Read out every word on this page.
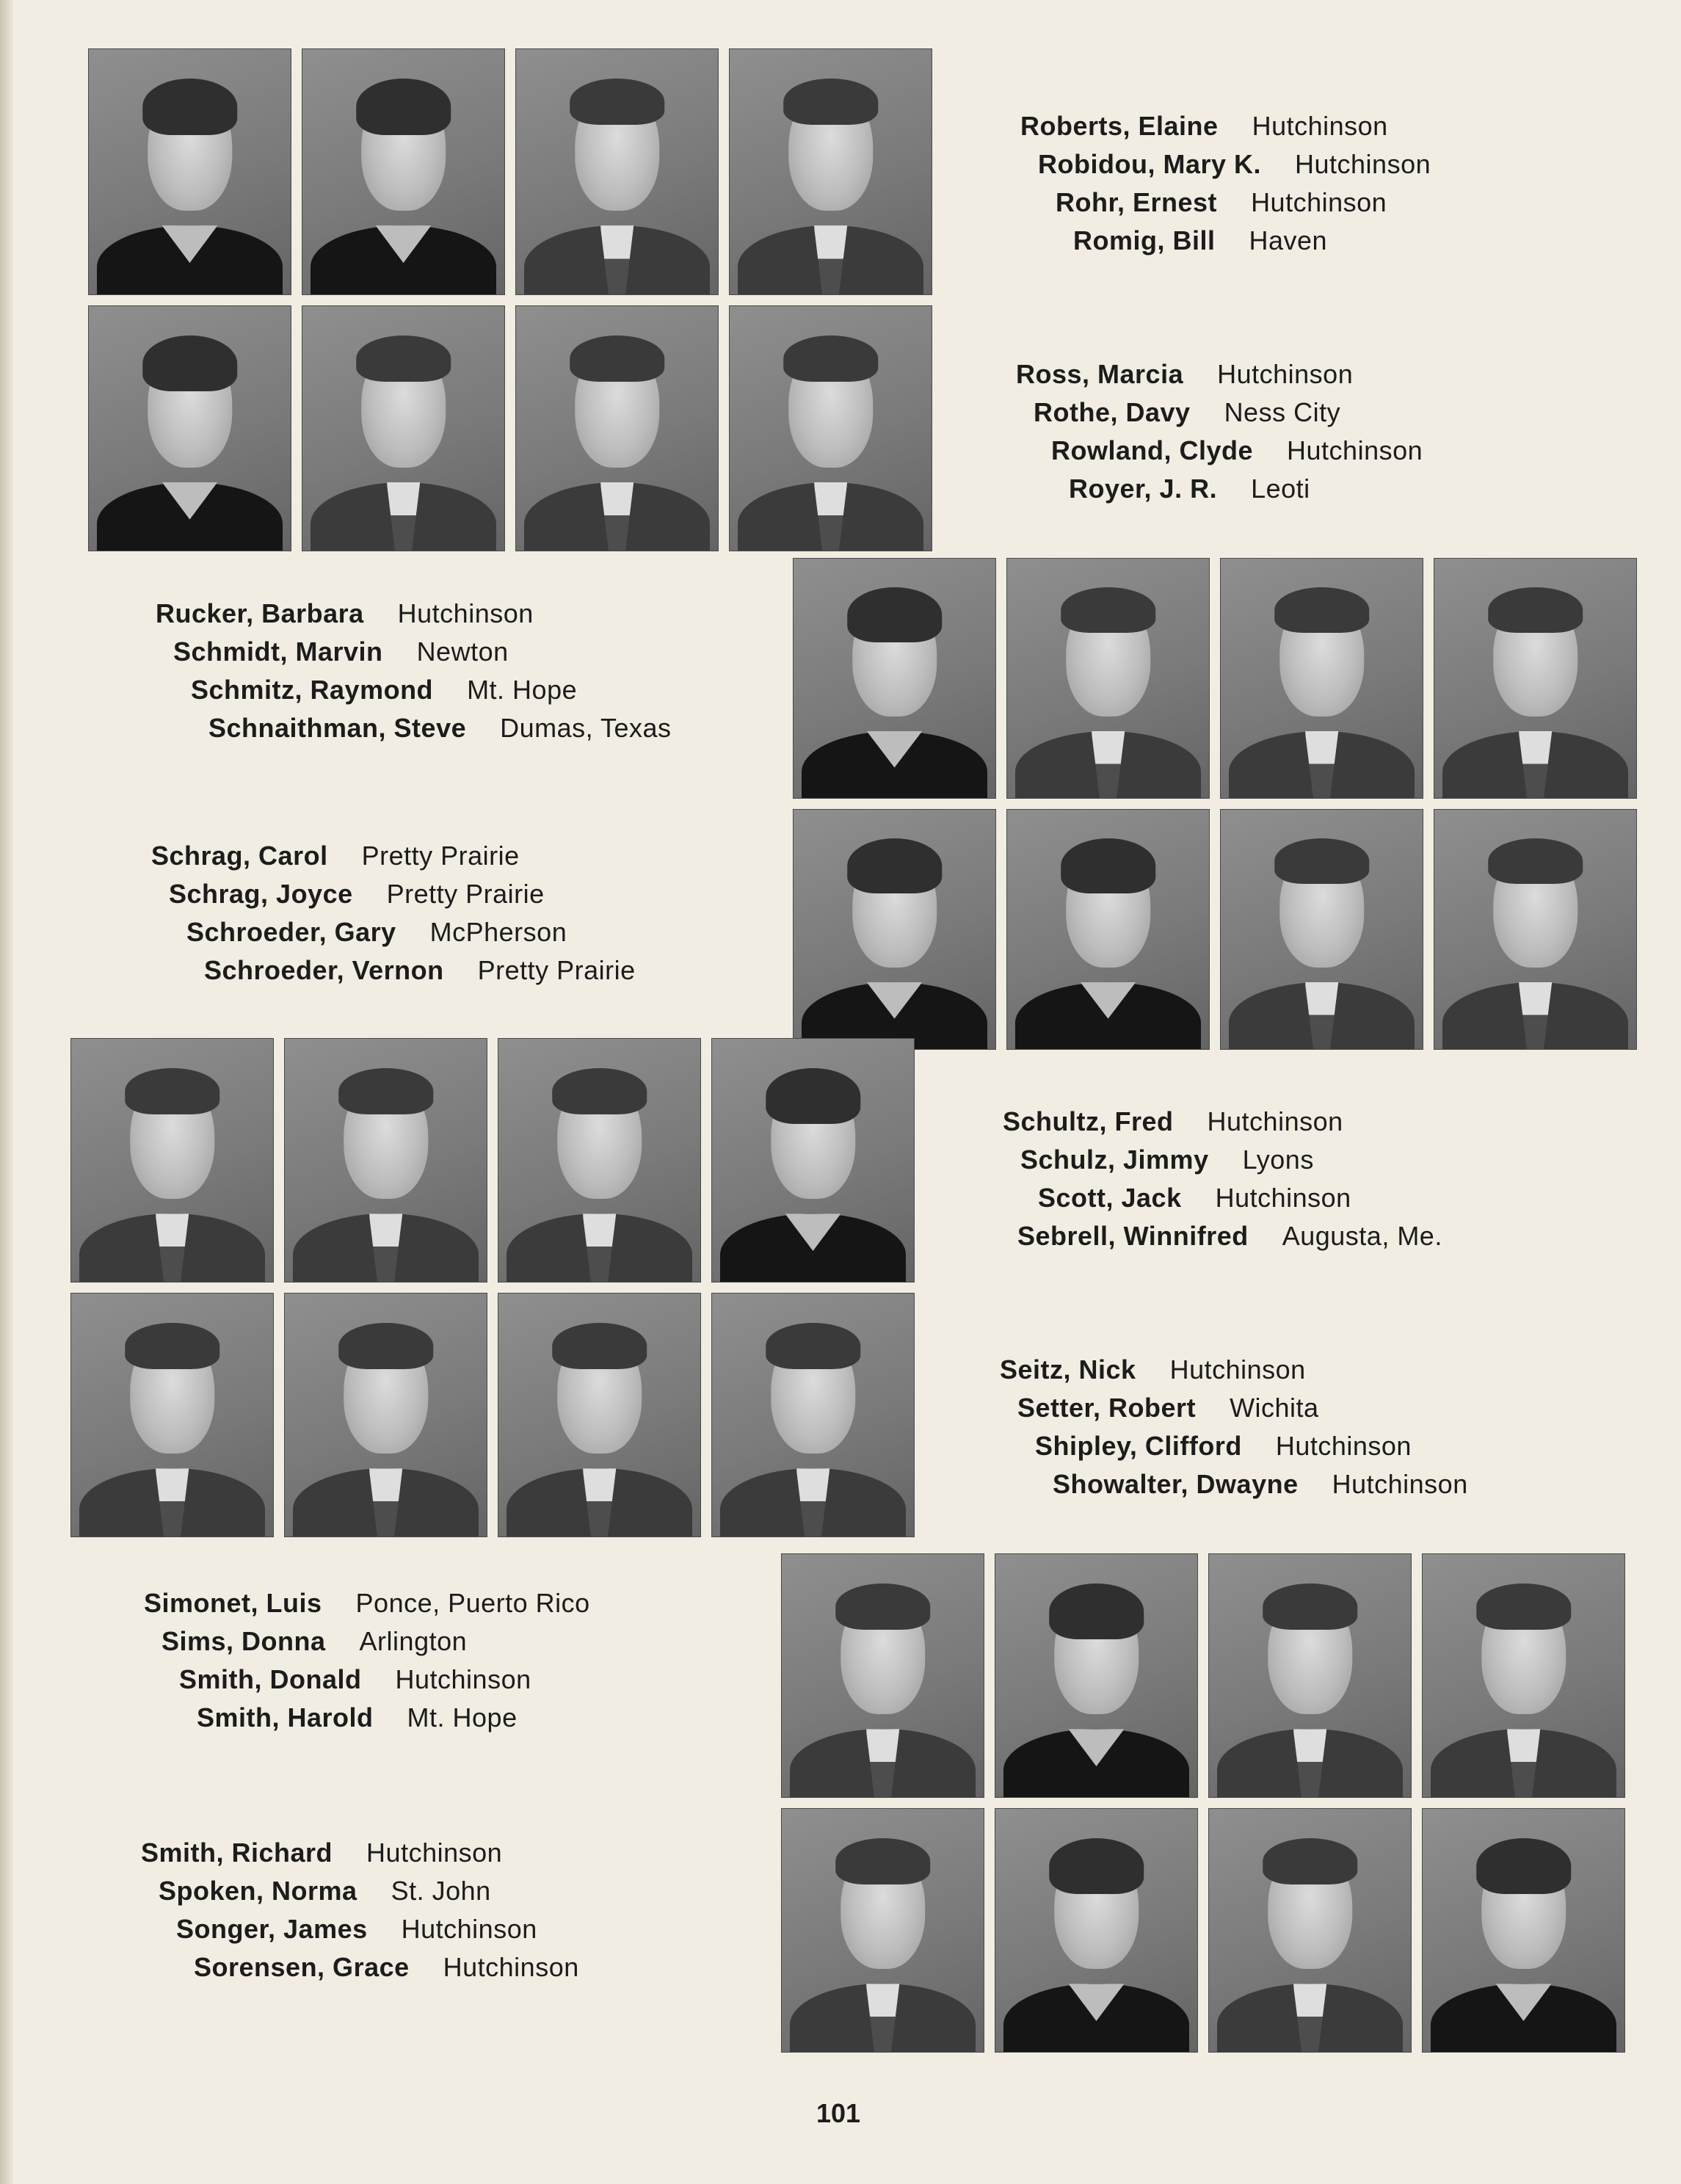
Roberts, Elaine Hutchinson
Robidou, Mary K. Hutchinson
Rohr, Ernest Hutchinson
Romig, Bill Haven
Ross, Marcia Hutchinson
Rothe, Davy Ness City
Rowland, Clyde Hutchinson
Royer, J. R. Leoti
Rucker, Barbara Hutchinson
Schmidt, Marvin Newton
Schmitz, Raymond Mt. Hope
Schnaithman, Steve Dumas, Texas
Schrag, Carol Pretty Prairie
Schrag, Joyce Pretty Prairie
Schroeder, Gary McPherson
Schroeder, Vernon Pretty Prairie
Schultz, Fred Hutchinson
Schulz, Jimmy Lyons
Scott, Jack Hutchinson
Sebrell, Winnifred Augusta, Me.
Seitz, Nick Hutchinson
Setter, Robert Wichita
Shipley, Clifford Hutchinson
Showalter, Dwayne Hutchinson
Simonet, Luis Ponce, Puerto Rico
Sims, Donna Arlington
Smith, Donald Hutchinson
Smith, Harold Mt. Hope
Smith, Richard Hutchinson
Spoken, Norma St. John
Songer, James Hutchinson
Sorensen, Grace Hutchinson
101
